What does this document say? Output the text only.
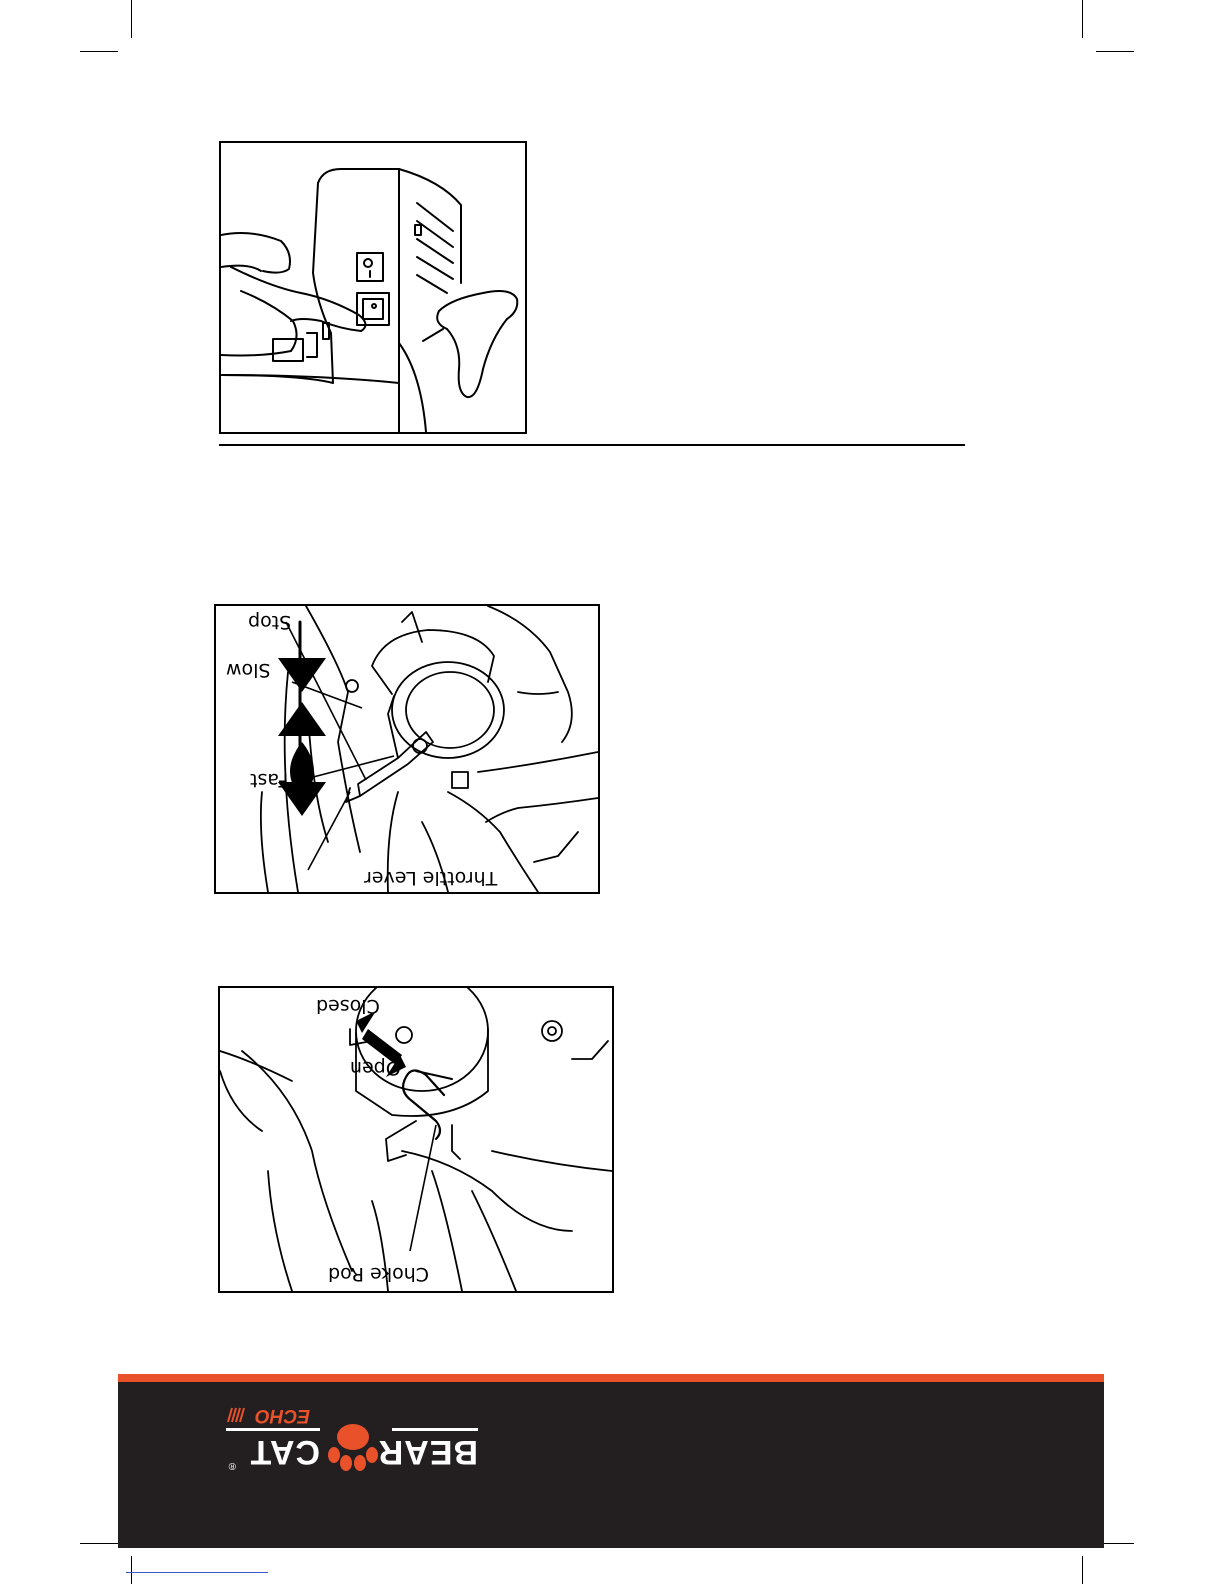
Stop
Slow
Fast
Throttle Lever
Closed
Open
Choke Rod
BEAR
CAT
®
ECHO
